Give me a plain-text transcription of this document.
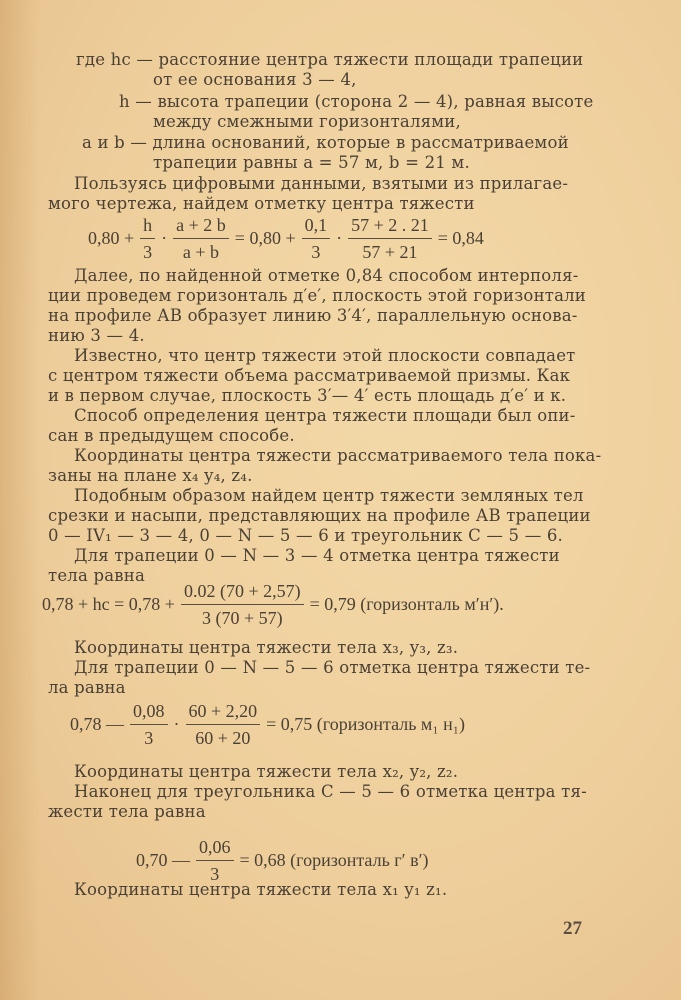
где hc — расстояние центра тяжести площади трапеции
от ее основания 3 — 4,
h — высота трапеции (сторона 2 — 4), равная высоте
между смежными горизонталями,
a и b — длина оснований, которые в рассматриваемой
трапеции равны a = 57 м, b = 21 м.
Пользуясь цифровыми данными, взятыми из прилагае-
мого чертежа, найдем отметку центра тяжести
$0,80 + \frac{h}{3} \cdot \frac{a + 2 b}{a + b} = 0,80 + \frac{0,1}{3} \cdot \frac{57 + 2 . 21}{57 + 21} = 0,84$
Далее, по найденной отметке 0,84 способом интерполя-
ции проведем горизонталь д′е′, плоскость этой горизонтали
на профиле АВ образует линию 3′4′, параллельную основа-
нию 3 — 4.
Известно, что центр тяжести этой плоскости совпадает
с центром тяжести объема рассматриваемой призмы. Как
и в первом случае, плоскость 3′— 4′ есть площадь д′е′ и к.
Способ определения центра тяжести площади был опи-
сан в предыдущем способе.
Координаты центра тяжести рассматриваемого тела пока-
заны на плане x₄ y₄, z₄.
Подобным образом найдем центр тяжести земляных тел
срезки и насыпи, представляющих на профиле АВ трапеции
0 — IV₁ — 3 — 4, 0 — N — 5 — 6 и треугольник С — 5 — 6.
Для трапеции 0 — N — 3 — 4 отметка центра тяжести
тела равна
0,78 + hc = $0,78 + \frac{0.02 (70 + 2,57)}{3 (70 + 57)} = 0,79$ (горизонталь м′н′).
Координаты центра тяжести тела x₃, y₃, z₃.
Для трапеции 0 — N — 5 — 6 отметка центра тяжести те-
ла равна
0,78 — $\frac{0,08}{3} \cdot \frac{60 + 2,20}{60 + 20} = 0,75$ (горизонталь м₁ н₁)
Координаты центра тяжести тела x₂, y₂, z₂.
Наконец для треугольника С — 5 — 6 отметка центра тя-
жести тела равна
0,70 — $\frac{0,06}{3} = 0,68$ (горизонталь г′ в′)
Координаты центра тяжести тела x₁ y₁ z₁.
27
